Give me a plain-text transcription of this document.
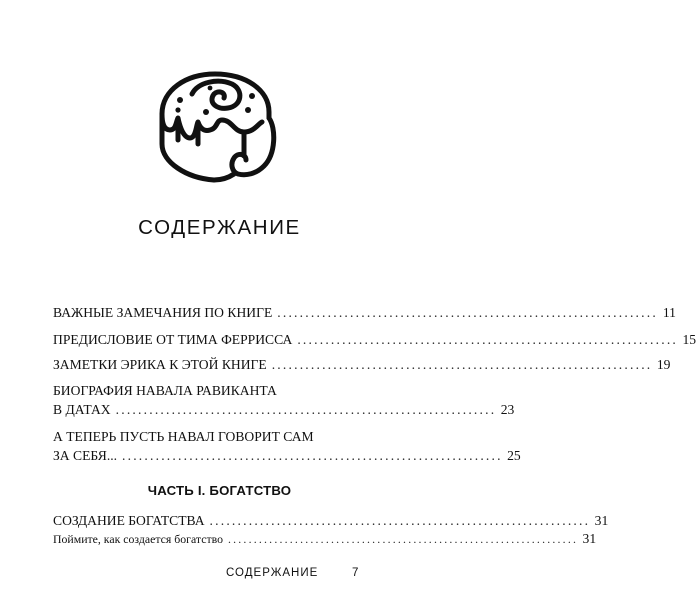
СОДЕРЖАНИЕ
ВАЖНЫЕ ЗАМЕЧАНИЯ ПО КНИГЕ .................................................................... 11
ПРЕДИСЛОВИЕ ОТ ТИМА ФЕРРИССА .................................................................... 15
ЗАМЕТКИ ЭРИКА К ЭТОЙ КНИГЕ .................................................................... 19
БИОГРАФИЯ НАВАЛА РАВИКАНТА
В ДАТАХ .................................................................... 23
А ТЕПЕРЬ ПУСТЬ НАВАЛ ГОВОРИТ САМ
ЗА СЕБЯ... .................................................................... 25
ЧАСТЬ I. БОГАТСТВО
СОЗДАНИЕ БОГАТСТВА .................................................................... 31
Поймите, как создается богатство .................................................................... 31
СОДЕРЖАНИЕ	7
